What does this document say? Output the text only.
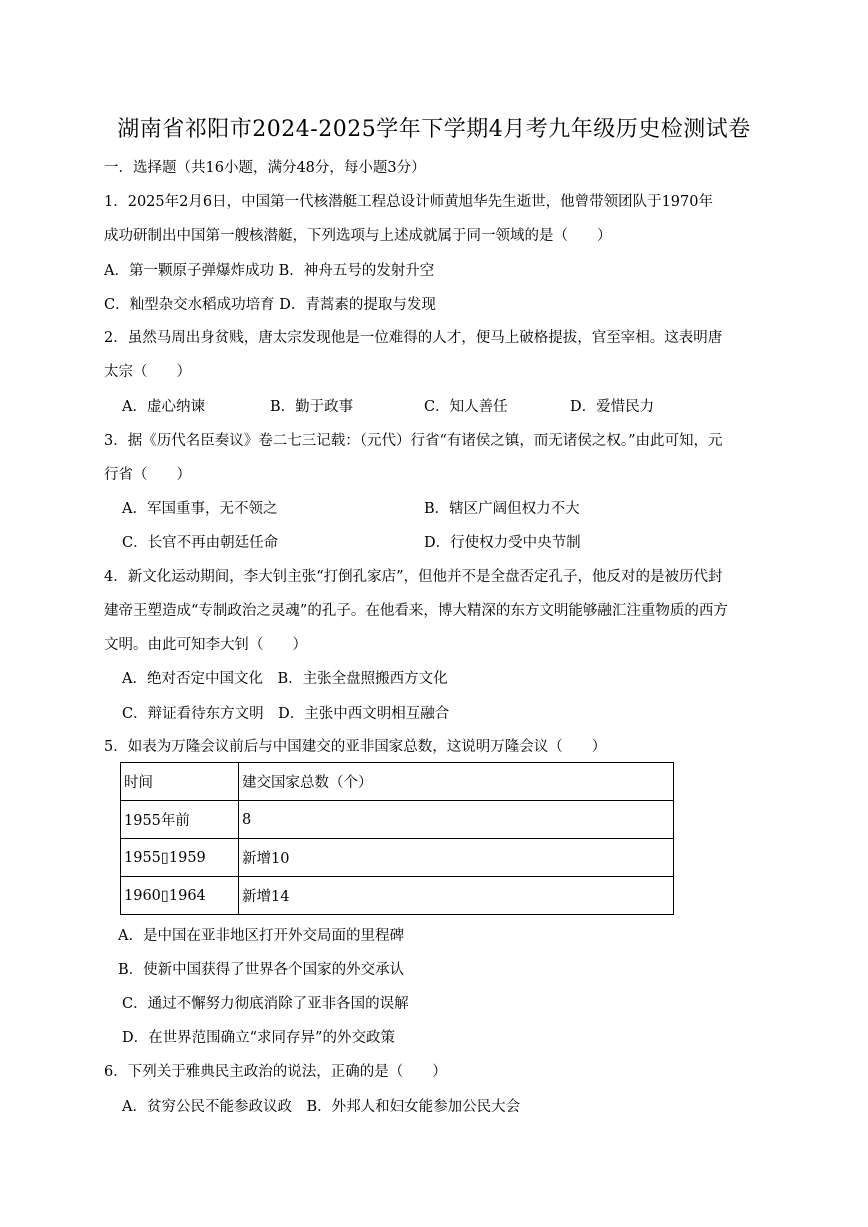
湖南省祁阳市2024-2025学年下学期4月考九年级历史检测试卷
一．选择题（共16小题，满分48分，每小题3分）
1．2025年2月6日，中国第一代核潜艇工程总设计师黄旭华先生逝世，他曾带领团队于1970年
成功研制出中国第一艘核潜艇，下列选项与上述成就属于同一领域的是（　　）
A．第一颗原子弹爆炸成功 B．神舟五号的发射升空
C．籼型杂交水稻成功培育 D．青蒿素的提取与发现
2．虽然马周出身贫贱，唐太宗发现他是一位难得的人才，便马上破格提拔，官至宰相。这表明唐
太宗（　　）
A．虚心纳谏	B．勤于政事	C．知人善任	D．爱惜民力
3．据《历代名臣奏议》卷二七三记载：（元代）行省“有诸侯之镇，而无诸侯之权。”由此可知，元
行省（　　）
A．军国重事，无不领之	B．辖区广阔但权力不大
C．长官不再由朝廷任命	D．行使权力受中央节制
4．新文化运动期间，李大钊主张“打倒孔家店”，但他并不是全盘否定孔子，他反对的是被历代封
建帝王塑造成“专制政治之灵魂”的孔子。在他看来，博大精深的东方文明能够融汇注重物质的西方
文明。由此可知李大钊（　　）
A．绝对否定中国文化　B．主张全盘照搬西方文化
C．辩证看待东方文明　D．主张中西文明相互融合
5．如表为万隆会议前后与中国建交的亚非国家总数，这说明万隆会议（　　）
时间	建交国家总数（个）
1955年前	8
1955▯1959	新增10
1960▯1964	新增14
A．是中国在亚非地区打开外交局面的里程碑
B．使新中国获得了世界各个国家的外交承认
C．通过不懈努力彻底消除了亚非各国的误解
D．在世界范围确立“求同存异”的外交政策
6．下列关于雅典民主政治的说法，正确的是（　　）
A．贫穷公民不能参政议政　B．外邦人和妇女能参加公民大会
